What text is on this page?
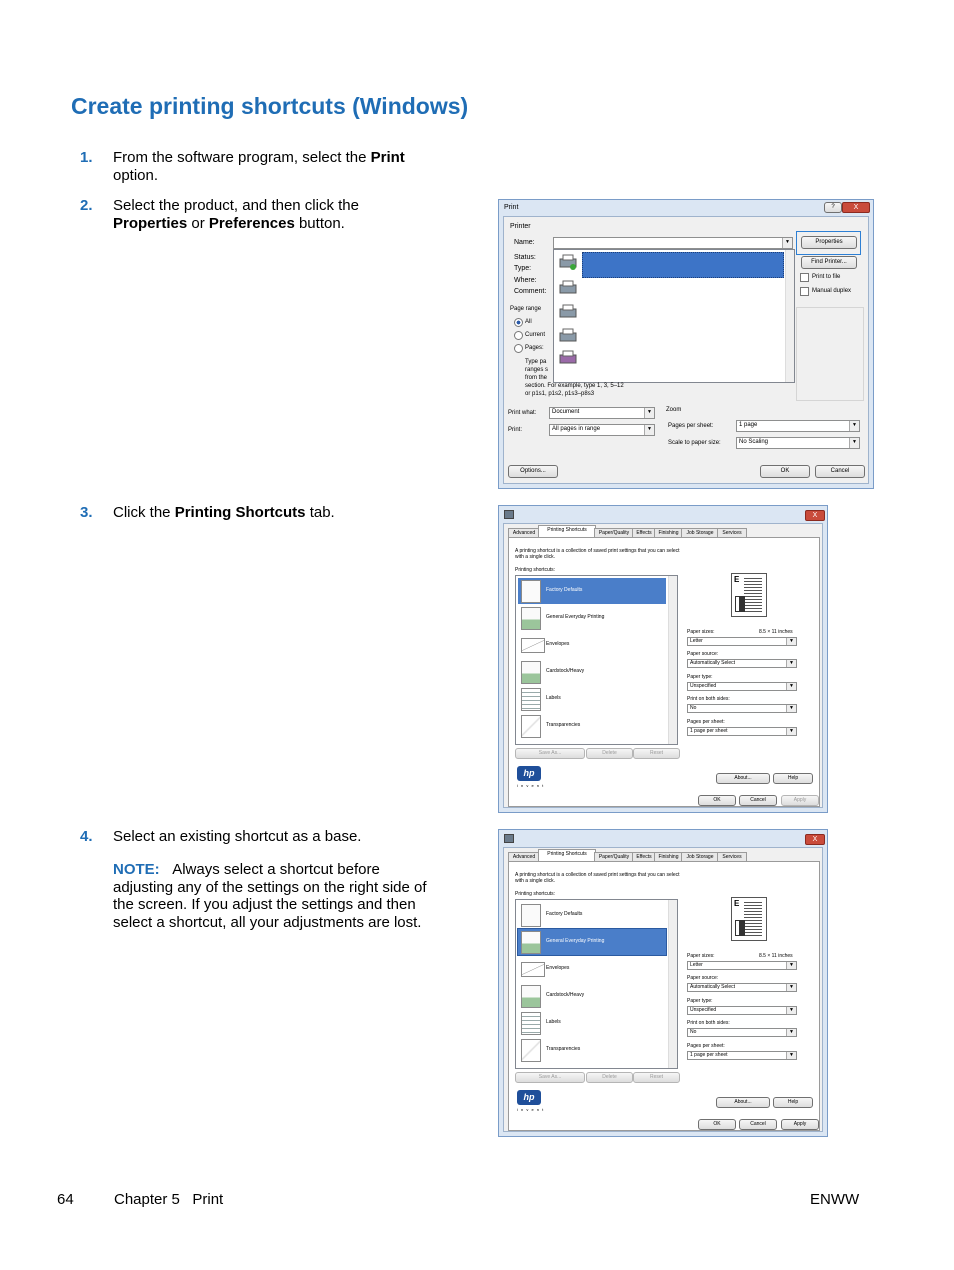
Create printing shortcuts (Windows)
1. From the software program, select the Print option.
2. Select the product, and then click the Properties or Preferences button.
3. Click the Printing Shortcuts tab.
4. Select an existing shortcut as a base.
NOTE: Always select a shortcut before adjusting any of the settings on the right side of the screen. If you adjust the settings and then select a shortcut, all your adjustments are lost.
Print	?	X
Printer
Name:
Status:
Type:
Where:
Comment:
▼	Properties
Find Printer...
Print to file
Manual duplex
Page range
All
Current
Pages:
Type pa
ranges s
from the
section. For example, type 1, 3, 5–12
or p1s1, p1s2, p1s3–p8s3
Print what:	Document	▼
Print:	All pages in range	▼
Zoom
Pages per sheet:	1 page	▼
Scale to paper size:	No Scaling	▼
Options...	OK	Cancel
X
Advanced	Printing Shortcuts	Paper/Quality	Effects	Finishing	Job Storage	Services
A printing shortcut is a collection of saved print settings that you can select
with a single click.
Printing shortcuts:
Factory Defaults
General Everyday Printing
Envelopes
Cardstock/Heavy
Labels
Transparencies
E
Paper sizes:	8.5 × 11 inches
Letter	▼
Paper source:
Automatically Select	▼
Paper type:
Unspecified	▼
Print on both sides:
No	▼
Pages per sheet:
1 page per sheet	▼
Save As...	Delete	Reset
hp
i n v e n t
About...	Help
OK	Cancel	Apply
X
Advanced	Printing Shortcuts	Paper/Quality	Effects	Finishing	Job Storage	Services
A printing shortcut is a collection of saved print settings that you can select
with a single click.
Printing shortcuts:
Factory Defaults
General Everyday Printing
Envelopes
Cardstock/Heavy
Labels
Transparencies
E
Paper sizes:	8.5 × 11 inches
Letter	▼
Paper source:
Automatically Select	▼
Paper type:
Unspecified	▼
Print on both sides:
No	▼
Pages per sheet:
1 page per sheet	▼
Save As...	Delete	Reset
hp
i n v e n t
About...	Help
OK	Cancel	Apply
64	Chapter 5   Print	ENWW
